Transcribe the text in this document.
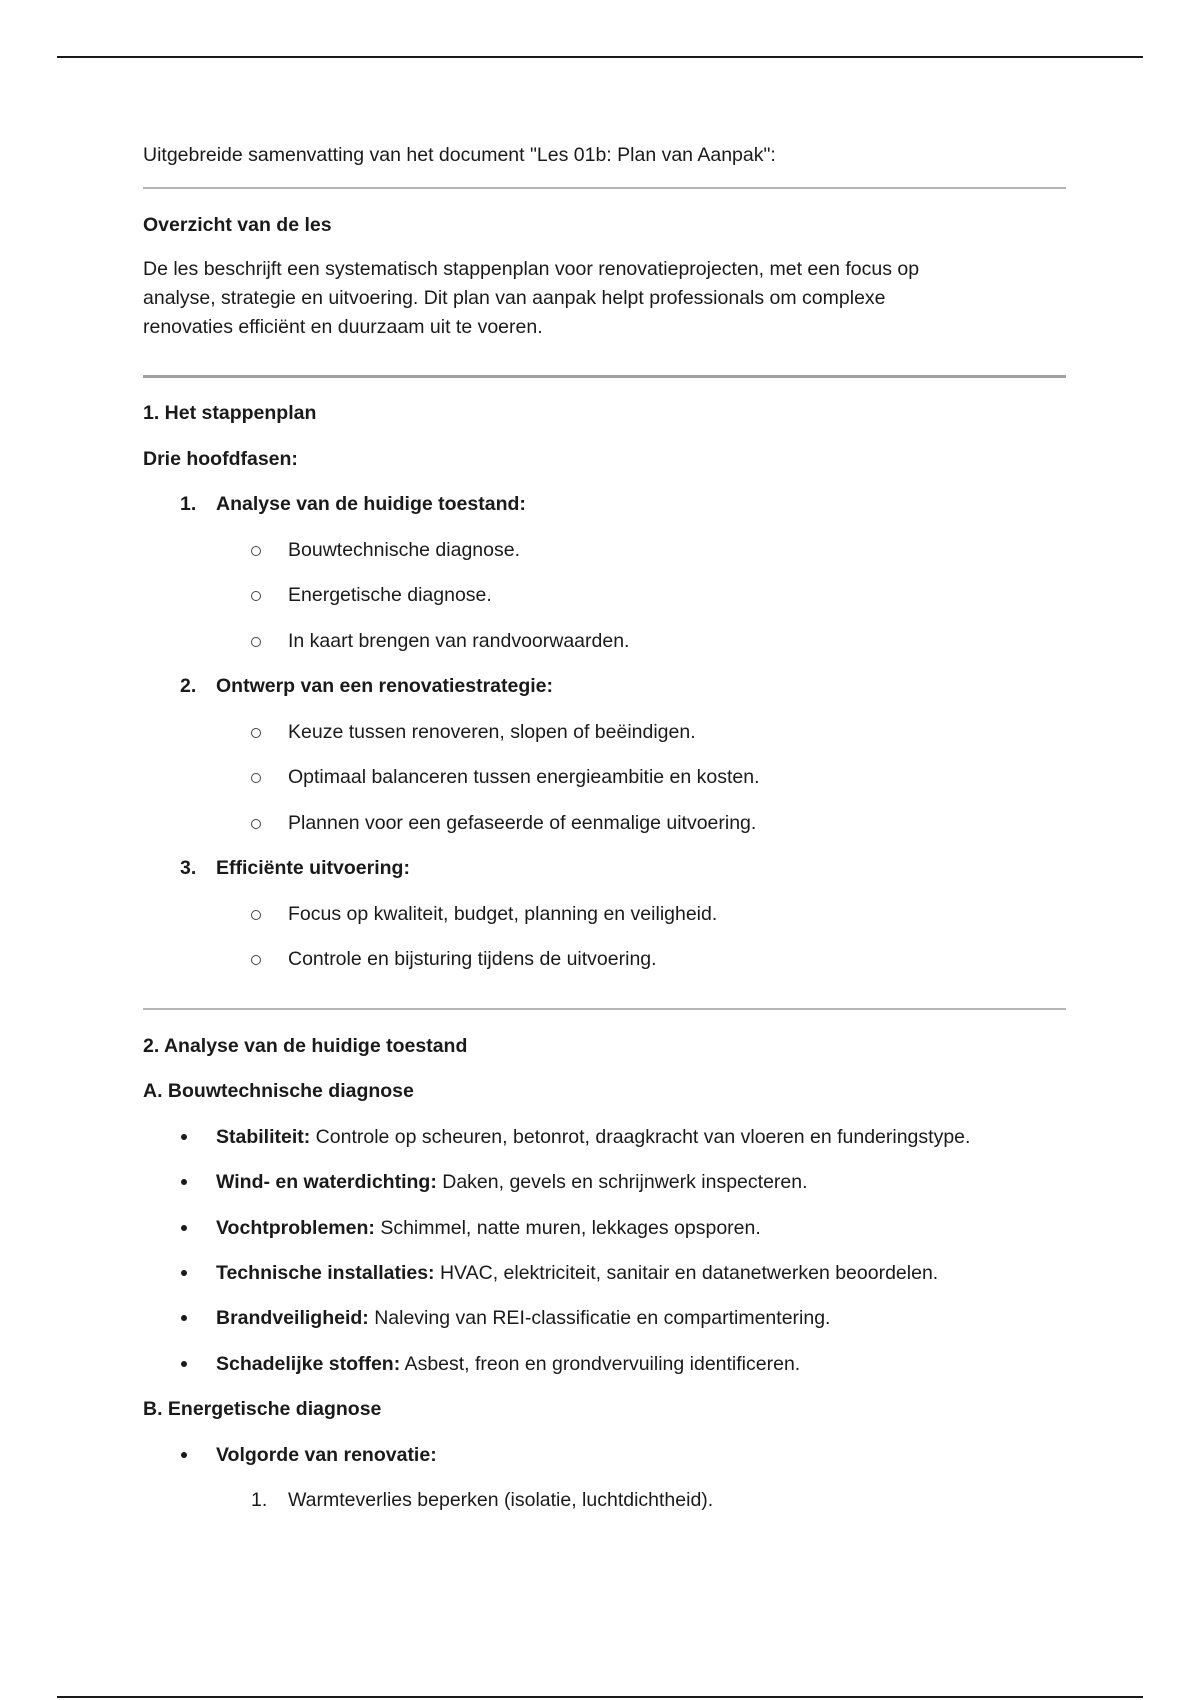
Uitgebreide samenvatting van het document "Les 01b: Plan van Aanpak":

Overzicht van de les

De les beschrijft een systematisch stappenplan voor renovatieprojecten, met een focus op

analyse, strategie en uitvoering. Dit plan van aanpak helpt professionals om complexe

renovaties efficiënt en duurzaam uit te voeren.

1. Het stappenplan

Drie hoofdfasen:

1. Analyse van de huidige toestand:
Bouwtechnische diagnose.
Energetische diagnose.
In kaart brengen van randvoorwaarden.
2. Ontwerp van een renovatiestrategie:
Keuze tussen renoveren, slopen of beëindigen.
Optimaal balanceren tussen energieambitie en kosten.
Plannen voor een gefaseerde of eenmalige uitvoering.
3. Efficiënte uitvoering:
Focus op kwaliteit, budget, planning en veiligheid.
Controle en bijsturing tijdens de uitvoering.

2. Analyse van de huidige toestand

A. Bouwtechnische diagnose

Stabiliteit: Controle op scheuren, betonrot, draagkracht van vloeren en funderingstype.
Wind- en waterdichting: Daken, gevels en schrijnwerk inspecteren.
Vochtproblemen: Schimmel, natte muren, lekkages opsporen.
Technische installaties: HVAC, elektriciteit, sanitair en datanetwerken beoordelen.
Brandveiligheid: Naleving van REI-classificatie en compartimentering.
Schadelijke stoffen: Asbest, freon en grondvervuiling identificeren.

B. Energetische diagnose

Volgorde van renovatie:
1. Warmteverlies beperken (isolatie, luchtdichtheid).
